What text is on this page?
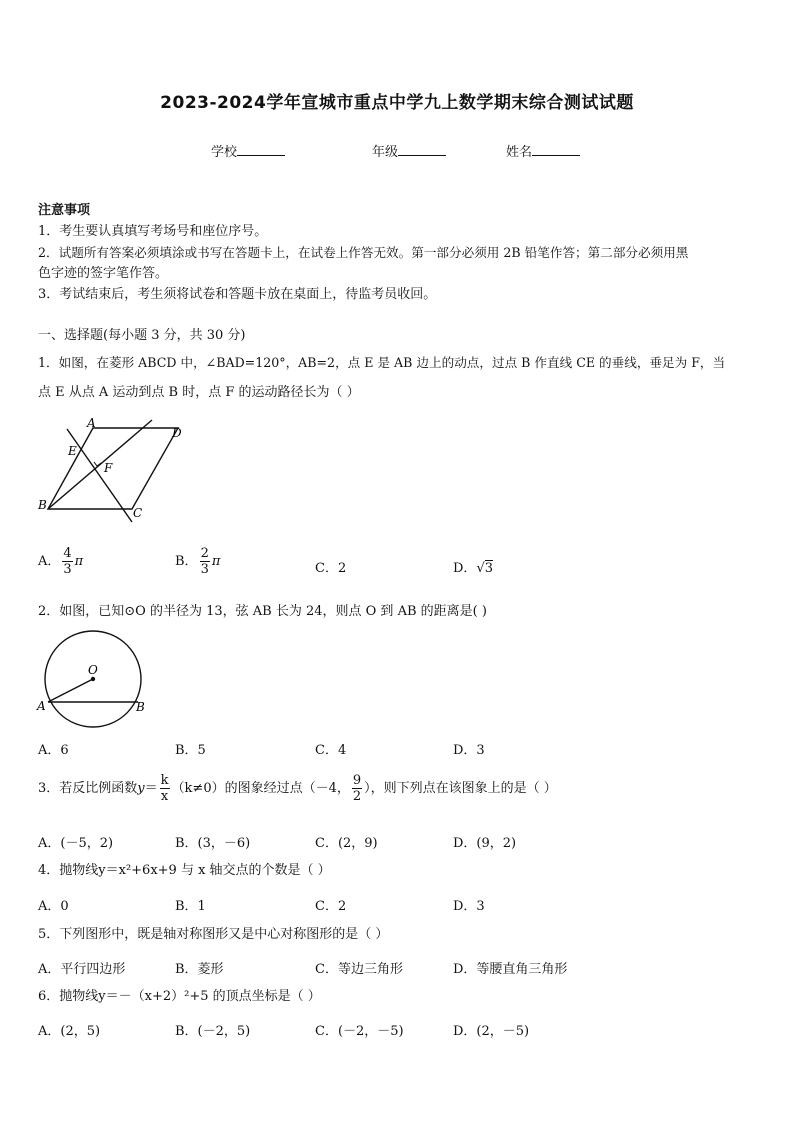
2023-2024学年宣城市重点中学九上数学期末综合测试试题
学校	年级	姓名
注意事项
1．考生要认真填写考场号和座位序号。
2．试题所有答案必须填涂或书写在答题卡上，在试卷上作答无效。第一部分必须用 2B 铅笔作答；第二部分必须用黑
色字迹的签字笔作答。
3．考试结束后，考生须将试卷和答题卡放在桌面上，待监考员收回。
一、选择题(每小题 3 分，共 30 分)
1．如图，在菱形 ABCD 中，∠BAD=120°，AB=2，点 E 是 AB 边上的动点，过点 B 作直线 CE 的垂线，垂足为 F，当
点 E 从点 A 运动到点 B 时，点 F 的运动路径长为（ ）
A
D
E
F
B
C
A． $\frac{4}{3}$ π	B． $\frac{2}{3}$ π	C．2	D．√3
2．如图，已知⊙O 的半径为 13，弦 AB 长为 24，则点 O 到 AB 的距离是( )
O
A	B
A．6	B．5	C．4	D．3
3．若反比例函数$y= \frac{k}{x} (k\ne 0)$的图象经过点（－4， $\frac{9}{2}$ ），则下列点在该图象上的是（ ）
A．(－5，2)	B．(3，－6)	C．(2，9)	D．(9，2)
4．抛物线y＝x²+6x+9 与 x 轴交点的个数是（ ）
A．0	B．1	C．2	D．3
5．下列图形中，既是轴对称图形又是中心对称图形的是（ ）
A．平行四边形	B．菱形	C．等边三角形	D．等腰直角三角形
6．抛物线y＝－（x+2）²+5 的顶点坐标是（ ）
A．(2，5)	B．(－2，5)	C．(－2，－5)	D．(2，－5)
